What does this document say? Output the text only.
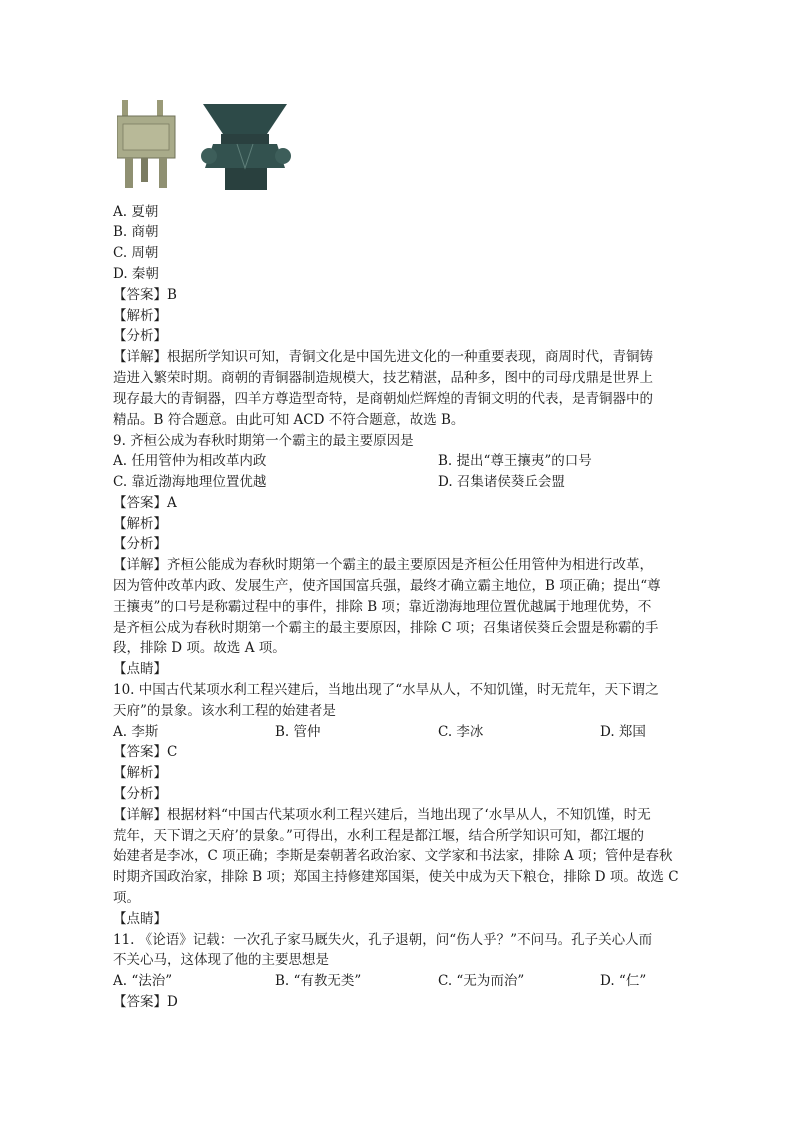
A. 夏朝
B. 商朝
C. 周朝
D. 秦朝
【答案】B
【解析】
【分析】
【详解】根据所学知识可知，青铜文化是中国先进文化的一种重要表现，商周时代，青铜铸
造进入繁荣时期。商朝的青铜器制造规模大，技艺精湛，品种多，图中的司母戊鼎是世界上
现存最大的青铜器，四羊方尊造型奇特，是商朝灿烂辉煌的青铜文明的代表，是青铜器中的
精品。B 符合题意。由此可知 ACD 不符合题意，故选 B。
9. 齐桓公成为春秋时期第一个霸主的最主要原因是
A. 任用管仲为相改革内政	B. 提出“尊王攘夷”的口号
C. 靠近渤海地理位置优越	D. 召集诸侯葵丘会盟
【答案】A
【解析】
【分析】
【详解】齐桓公能成为春秋时期第一个霸主的最主要原因是齐桓公任用管仲为相进行改革，
因为管仲改革内政、发展生产，使齐国国富兵强，最终才确立霸主地位，B 项正确；提出“尊
王攘夷”的口号是称霸过程中的事件，排除 B 项；靠近渤海地理位置优越属于地理优势，不
是齐桓公成为春秋时期第一个霸主的最主要原因，排除 C 项；召集诸侯葵丘会盟是称霸的手
段，排除 D 项。故选 A 项。
【点睛】
10. 中国古代某项水利工程兴建后，当地出现了“水旱从人，不知饥馑，时无荒年，天下谓之
天府”的景象。该水利工程的始建者是
A. 李斯	B. 管仲	C. 李冰	D. 郑国
【答案】C
【解析】
【分析】
【详解】根据材料“中国古代某项水利工程兴建后，当地出现了‘水旱从人，不知饥馑，时无
荒年，天下谓之天府’的景象。”可得出，水利工程是都江堰，结合所学知识可知，都江堰的
始建者是李冰，C 项正确；李斯是秦朝著名政治家、文学家和书法家，排除 A 项；管仲是春秋
时期齐国政治家，排除 B 项；郑国主持修建郑国渠，使关中成为天下粮仓，排除 D 项。故选 C
项。
【点睛】
11. 《论语》记载：一次孔子家马厩失火，孔子退朝，问“伤人乎？”不问马。孔子关心人而
不关心马，这体现了他的主要思想是
A. “法治”	B. “有教无类”	C. “无为而治”	D. “仁”
【答案】D
